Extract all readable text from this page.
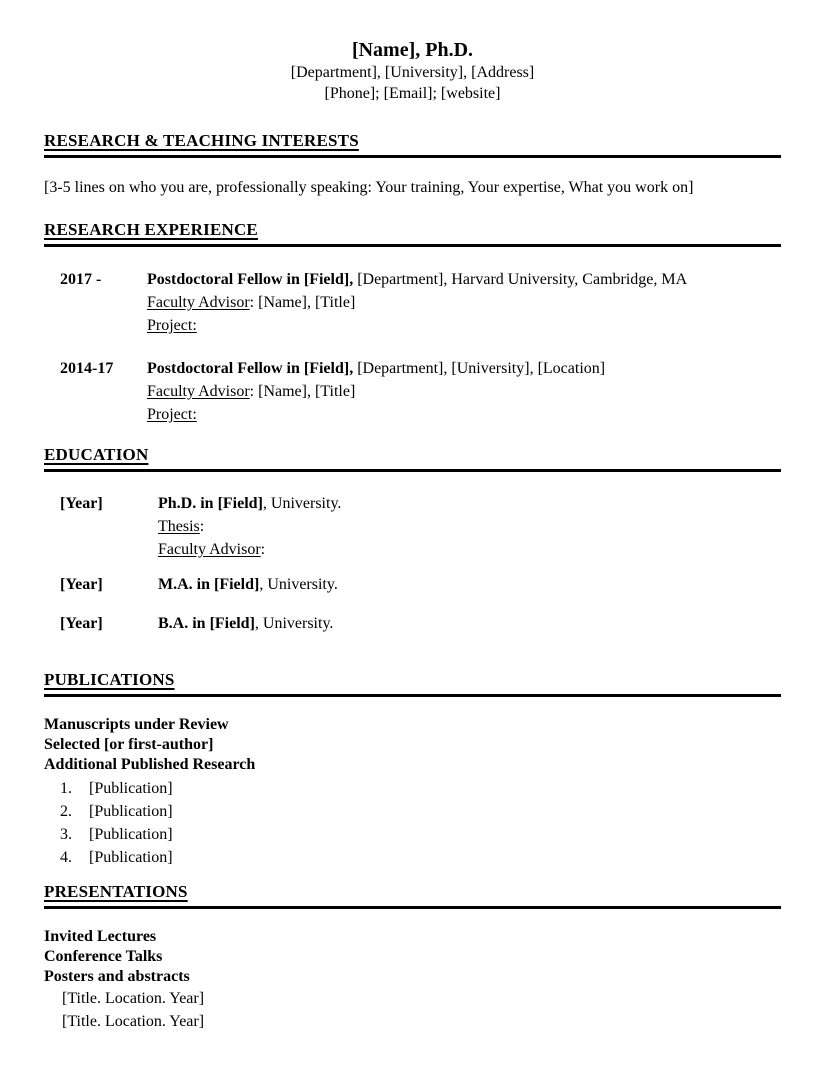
[Name], Ph.D.
[Department], [University], [Address]
[Phone]; [Email]; [website]
RESEARCH & TEACHING INTERESTS
[3-5 lines on who you are, professionally speaking: Your training, Your expertise, What you work on]
RESEARCH EXPERIENCE
2017 -	Postdoctoral Fellow in [Field], [Department], Harvard University, Cambridge, MA
Faculty Advisor: [Name], [Title]
Project:
2014-17	Postdoctoral Fellow in [Field], [Department], [University], [Location]
Faculty Advisor: [Name], [Title]
Project:
EDUCATION
[Year]	Ph.D. in [Field], University.
Thesis:
Faculty Advisor:
[Year]	M.A. in [Field], University.
[Year]	B.A. in [Field], University.
PUBLICATIONS
Manuscripts under Review
Selected [or first-author]
Additional Published Research
1.	[Publication]
2.	[Publication]
3.	[Publication]
4.	[Publication]
PRESENTATIONS
Invited Lectures
Conference Talks
Posters and abstracts
[Title. Location. Year]
[Title. Location. Year]
